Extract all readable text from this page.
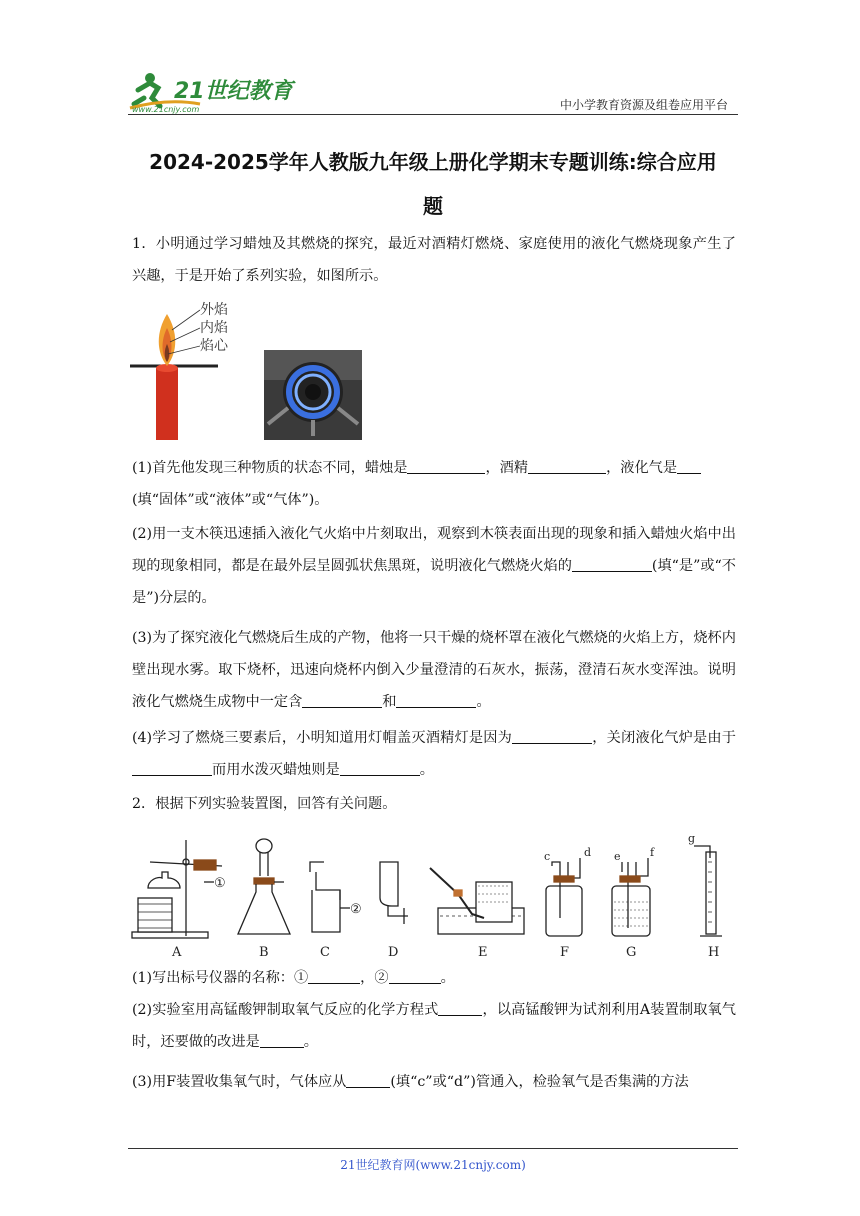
21世纪教育
www.21cnjy.com	中小学教育资源及组卷应用平台
2024-2025学年人教版九年级上册化学期末专题训练:综合应用
题
1．小明通过学习蜡烛及其燃烧的探究，最近对酒精灯燃烧、家庭使用的液化气燃烧现象产生了兴趣，于是开始了系列实验，如图所示。
外焰
内焰
焰心
(1)首先他发现三种物质的状态不同，蜡烛是	，酒精	，液化气是
(填“固体”或“液体”或“气体”)。
(2)用一支木筷迅速插入液化气火焰中片刻取出，观察到木筷表面出现的现象和插入蜡烛火焰中出现的现象相同，都是在最外层呈圆弧状焦黑斑，说明液化气燃烧火焰的	(填“是”或“不是”)分层的。
(3)为了探究液化气燃烧后生成的产物，他将一只干燥的烧杯罩在液化气燃烧的火焰上方，烧杯内壁出现水雾。取下烧杯，迅速向烧杯内倒入少量澄清的石灰水，振荡，澄清石灰水变浑浊。说明液化气燃烧生成物中一定含	和	。
(4)学习了燃烧三要素后，小明知道用灯帽盖灭酒精灯是因为	，关闭液化气炉是由于而用水泼灭蜡烛则是	。
2．根据下列实验装置图，回答有关问题。
①
A	B
②
C	D	E
c	d
F
e	f
G
g
H
(1)写出标号仪器的名称：①	，②	。
(2)实验室用高锰酸钾制取氧气反应的化学方程式	，以高锰酸钾为试剂利用A装置制取氧气时，还要做的改进是	。
(3)用F装置收集氧气时，气体应从	(填“c”或“d”)管通入，检验氧气是否集满的方法
21世纪教育网(www.21cnjy.com)
